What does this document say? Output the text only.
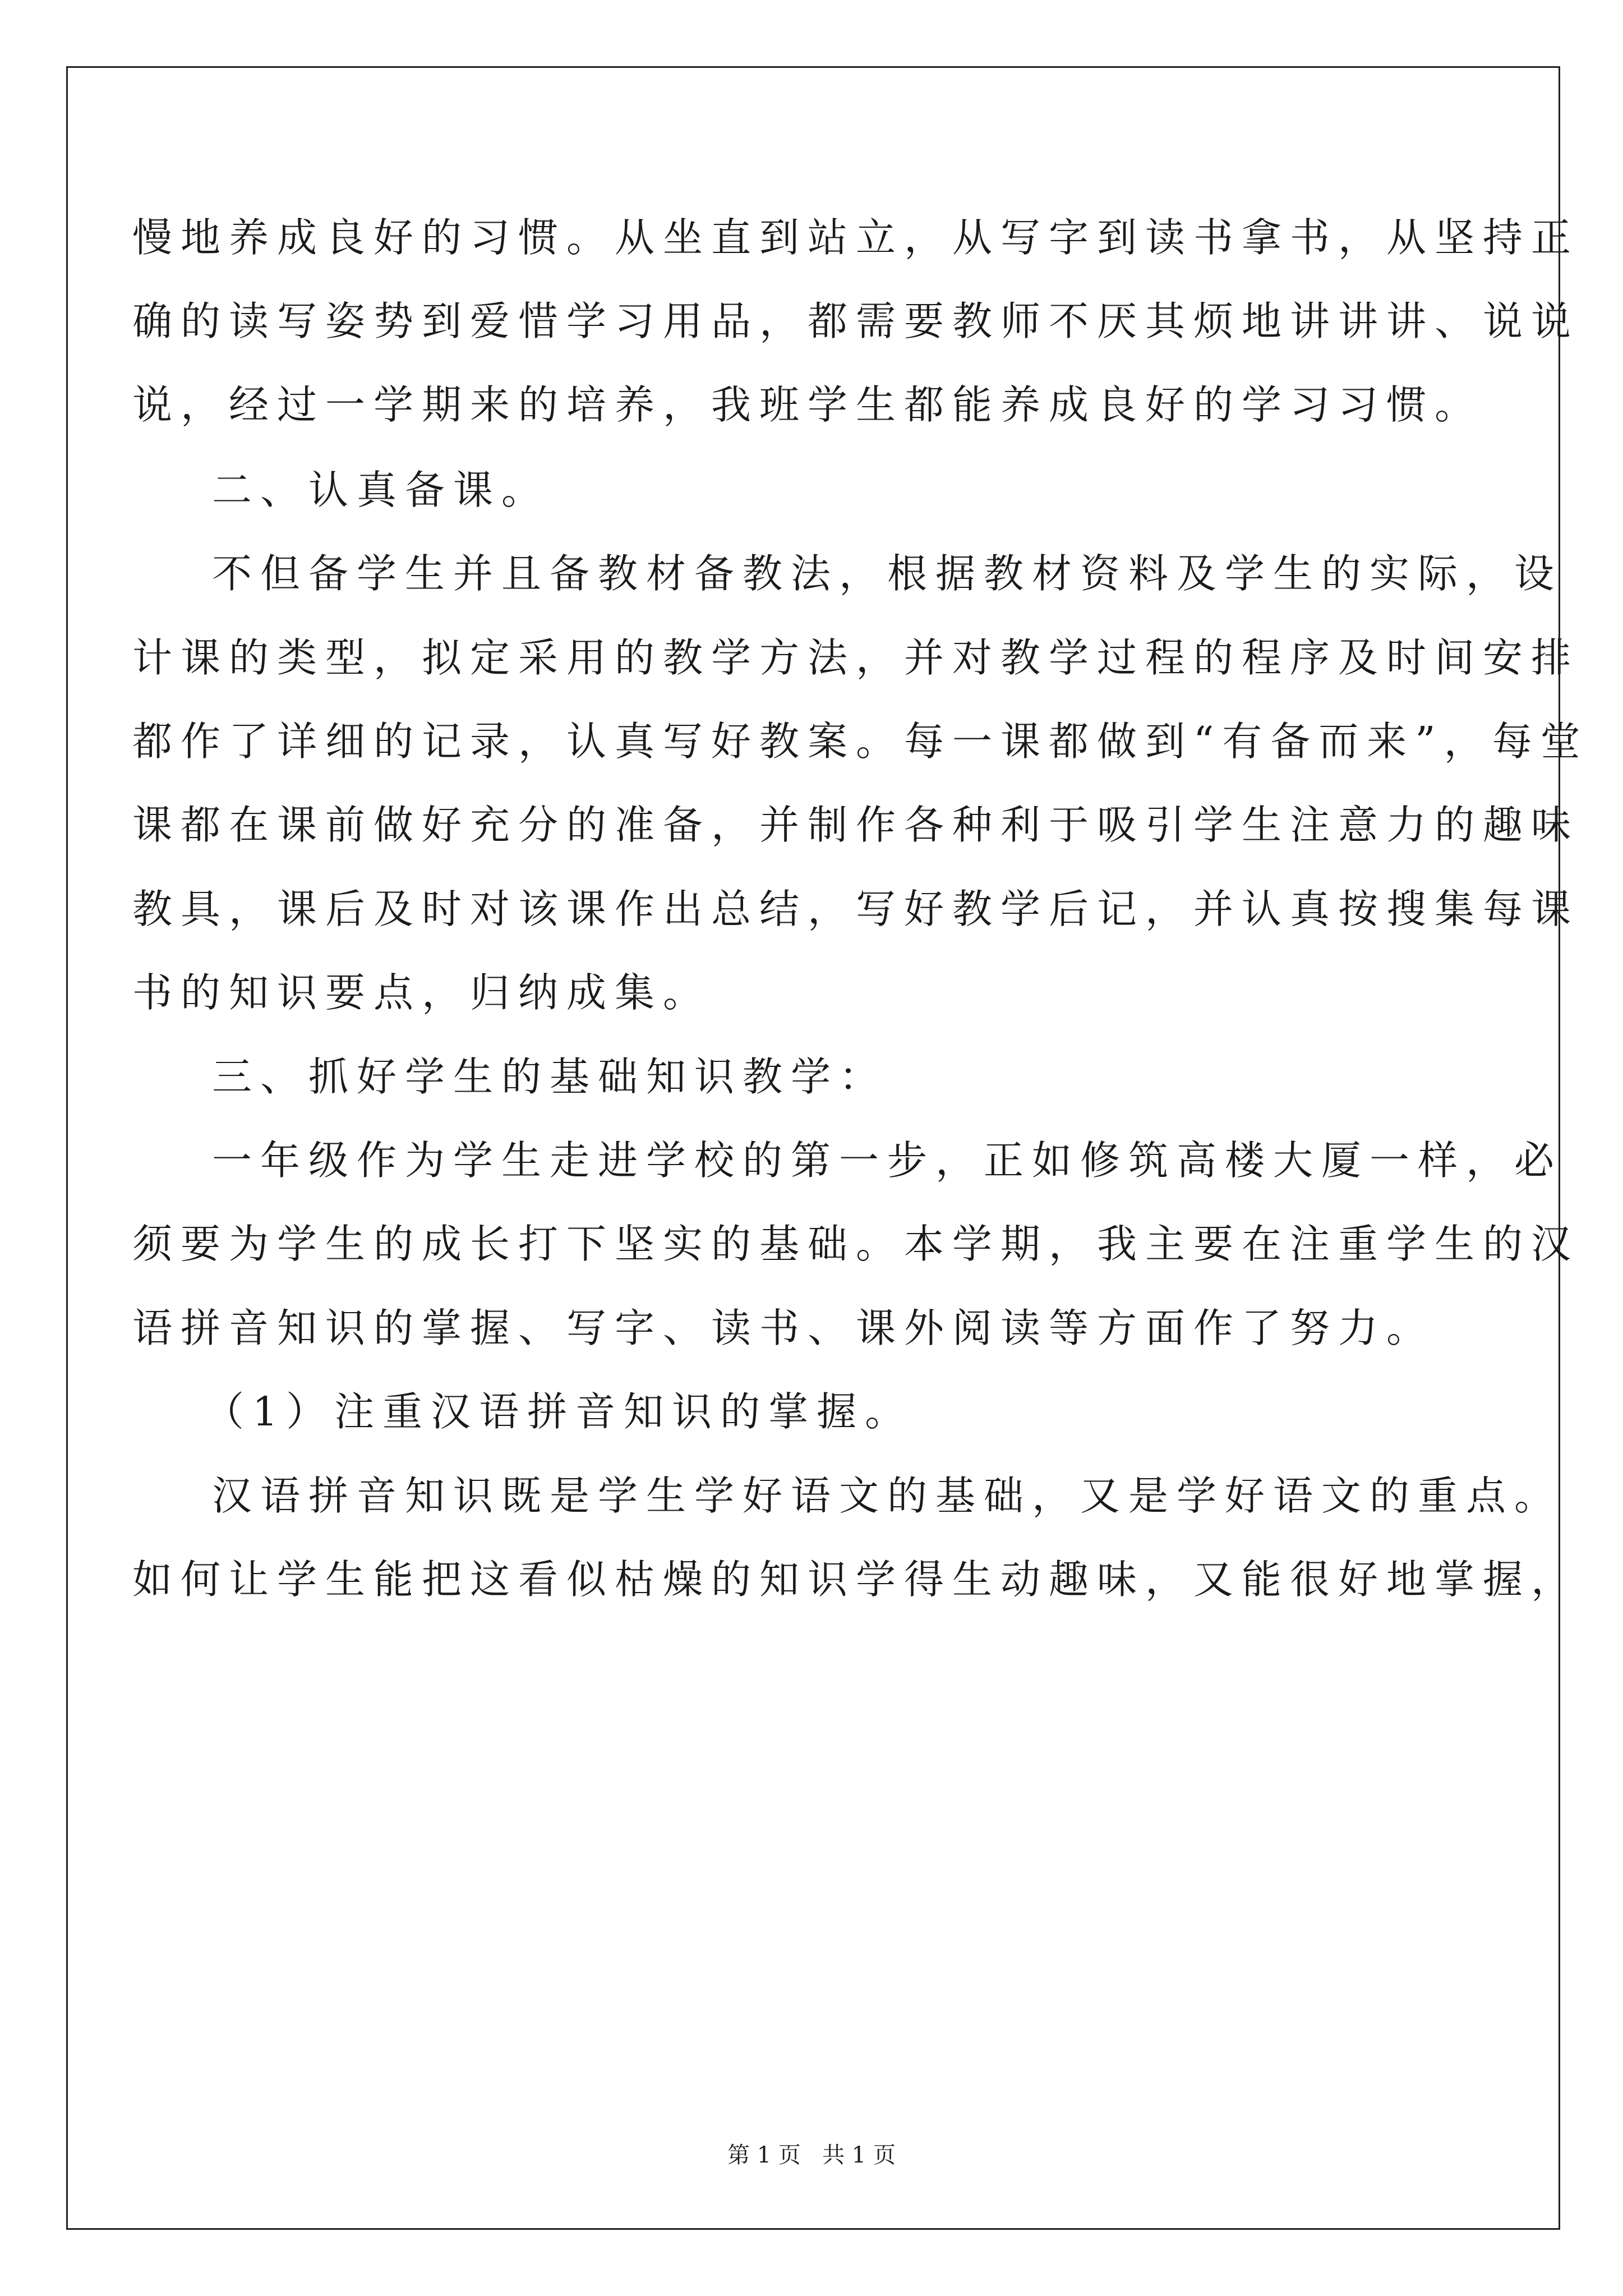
慢地养成良好的习惯。从坐直到站立，从写字到读书拿书，从坚持正
确的读写姿势到爱惜学习用品，都需要教师不厌其烦地讲讲讲、说说
说，经过一学期来的培养，我班学生都能养成良好的学习习惯。
二、认真备课。
不但备学生并且备教材备教法，根据教材资料及学生的实际，设
计课的类型，拟定采用的教学方法，并对教学过程的程序及时间安排
都作了详细的记录，认真写好教案。每一课都做到“有备而来”，每堂
课都在课前做好充分的准备，并制作各种利于吸引学生注意力的趣味
教具，课后及时对该课作出总结，写好教学后记，并认真按搜集每课
书的知识要点，归纳成集。
三、抓好学生的基础知识教学：
一年级作为学生走进学校的第一步，正如修筑高楼大厦一样，必
须要为学生的成长打下坚实的基础。本学期，我主要在注重学生的汉
语拼音知识的掌握、写字、读书、课外阅读等方面作了努力。
（1）注重汉语拼音知识的掌握。
汉语拼音知识既是学生学好语文的基础，又是学好语文的重点。
如何让学生能把这看似枯燥的知识学得生动趣味，又能很好地掌握，
第 1 页   共 1 页
